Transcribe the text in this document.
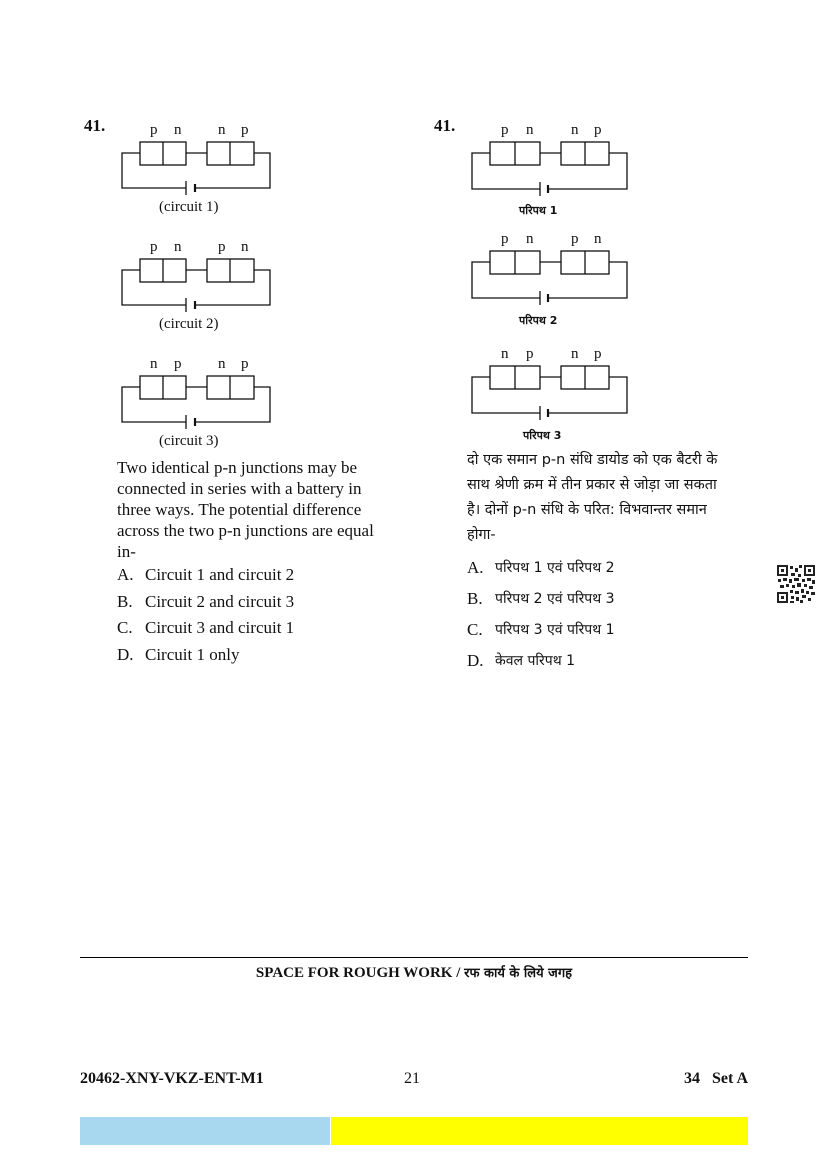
41.	p n n p
(circuit 1)
p n p n
(circuit 2)
n p n p
(circuit 3)
Two identical p-n junctions may be
connected in series with a battery in
three ways. The potential difference
across the two p-n junctions are equal
in-
A. Circuit 1 and circuit 2
B. Circuit 2 and circuit 3
C. Circuit 3 and circuit 1
D. Circuit 1 only
41.	p n	n p
परिपथ 1
p n	p n
परिपथ 2
n p	n p
परिपथ 3
दो एक समान p-n संधि डायोड को एक बैटरी के
साथ श्रेणी क्रम में तीन प्रकार से जोड़ा जा सकता
है। दोनों p-n संधि के परित: विभवान्तर समान
होगा-
A. परिपथ 1 एवं परिपथ 2
B. परिपथ 2 एवं परिपथ 3
C. परिपथ 3 एवं परिपथ 1
D. केवल परिपथ 1
SPACE FOR ROUGH WORK / रफ कार्य के लिये जगह
20462-XNY-VKZ-ENT-M1	21	34   Set A
